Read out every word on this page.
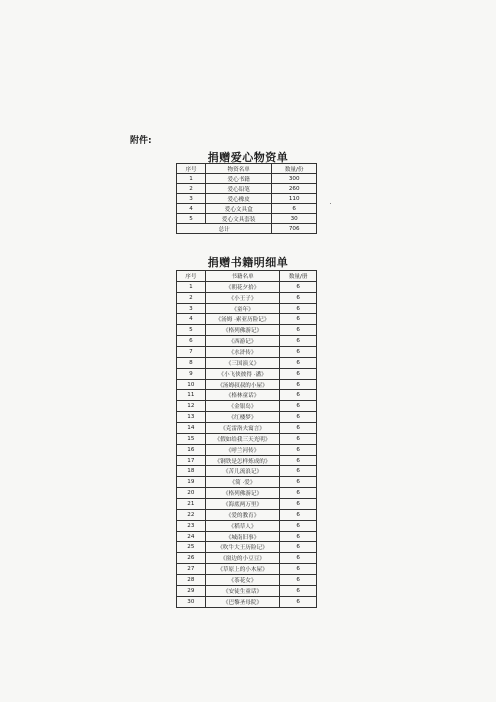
附件:
捐赠爱心物资单
序号	物资名单	数量/份
1	爱心书籍	300
2	爱心铅笔	260
3	爱心橡皮	110
4	爱心文具盒	6
5	爱心文具套装	30
总计		706
捐赠书籍明细单
序号	书籍名单	数量/册
1	《朝花夕拾》	6
2	《小王子》	6
3	《童年》	6
4	《汤姆 ·索亚历险记》	6
5	《格列佛游记》	6
6	《西游记》	6
7	《水浒传》	6
8	《三国演义》	6
9	《小飞侠彼得 ·潘》	6
10	《汤姆叔叔的小屋》	6
11	《格林童话》	6
12	《金银岛》	6
13	《红楼梦》	6
14	《克雷洛夫寓言》	6
15	《假如给我三天光明》	6
16	《呼兰河传》	6
17	《钢铁是怎样炼成的》	6
18	《苦儿流浪记》	6
19	《简 ·爱》	6
20	《格列佛游记》	6
21	《海底两万里》	6
22	《爱的教育》	6
23	《稻草人》	6
24	《城南旧事》	6
25	《吹牛大王历险记》	6
26	《窗边的小豆豆》	6
27	《草原上的小木屋》	6
28	《茶花女》	6
29	《安徒生童话》	6
30	《巴黎圣母院》	6
